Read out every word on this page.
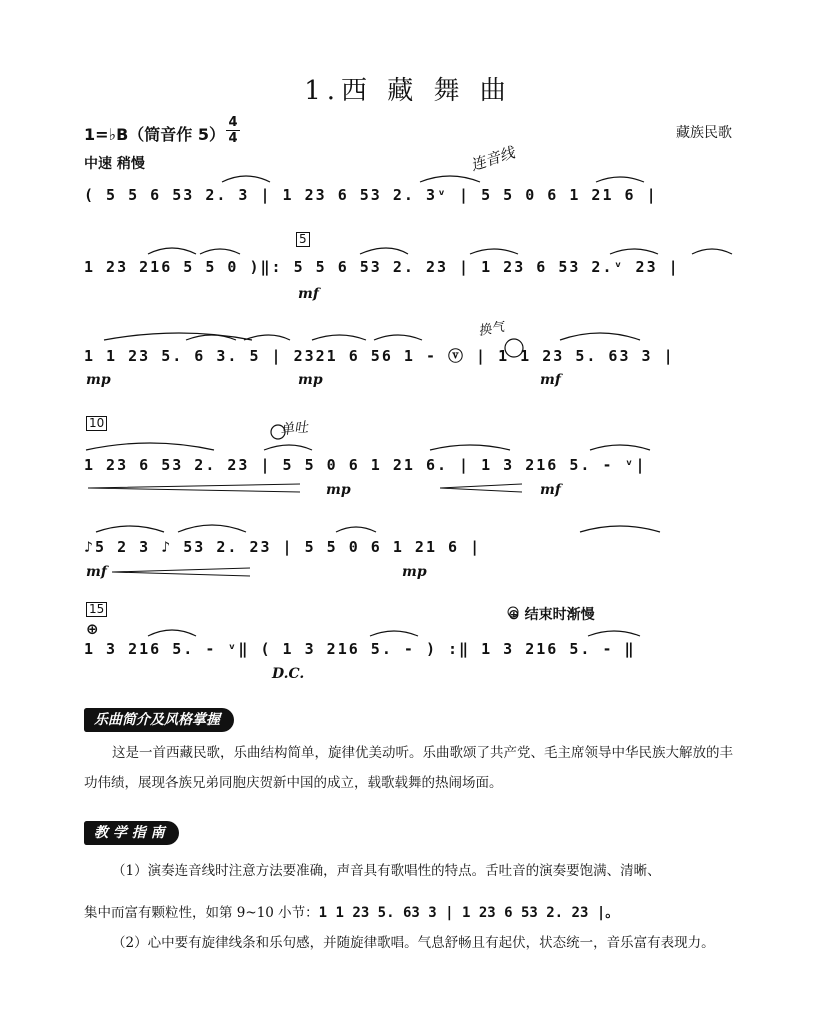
1.西 藏 舞 曲
1=♭B（筒音作 5）
4
4	藏族民歌
中速 稍慢	连音线
换气
单吐
( 5 5 6 53 2. 3 | 1 23 6 53 2. 3ᵛ | 5 5 0 6 1 21 6 |
5
1 23 216 5 5 0 )‖: 5 5 6 53 2. 23 | 1 23 6 53 2.ᵛ 23 |
mf
1 1 23 5. 6 3. 5 | 2321 6 56 1 - ⓥ | 1 1 23 5. 63 3 |
mp	mp	mf
10
1 23 6 53 2. 23 | 5 5 0 6 1 21 6. | 1 3 216 5. - ᵛ|
mp	mf
♪5 2 3 ♪ 53 2. 23 | 5 5 0 6 1 21 6 |
mf	mp
15	⊕ 结束时渐慢
⊕
1 3 216 5. - ᵛ‖ ( 1 3 216 5. - ) :‖ 1 3 216 5. - ‖
D.C.
乐曲简介及风格掌握
这是一首西藏民歌，乐曲结构简单，旋律优美动听。乐曲歌颂了共产党、毛主席领导中华民族大解放的丰功伟绩，展现各族兄弟同胞庆贺新中国的成立，载歌载舞的热闹场面。
教 学 指 南
（1）演奏连音线时注意方法要准确，声音具有歌唱性的特点。舌吐音的演奏要饱满、清晰、
集中而富有颗粒性，如第 9~10 小节：1 1 23 5. 63 3 | 1 23 6 53 2. 23 |。
（2）心中要有旋律线条和乐句感，并随旋律歌唱。气息舒畅且有起伏，状态统一，音乐富有表现力。
